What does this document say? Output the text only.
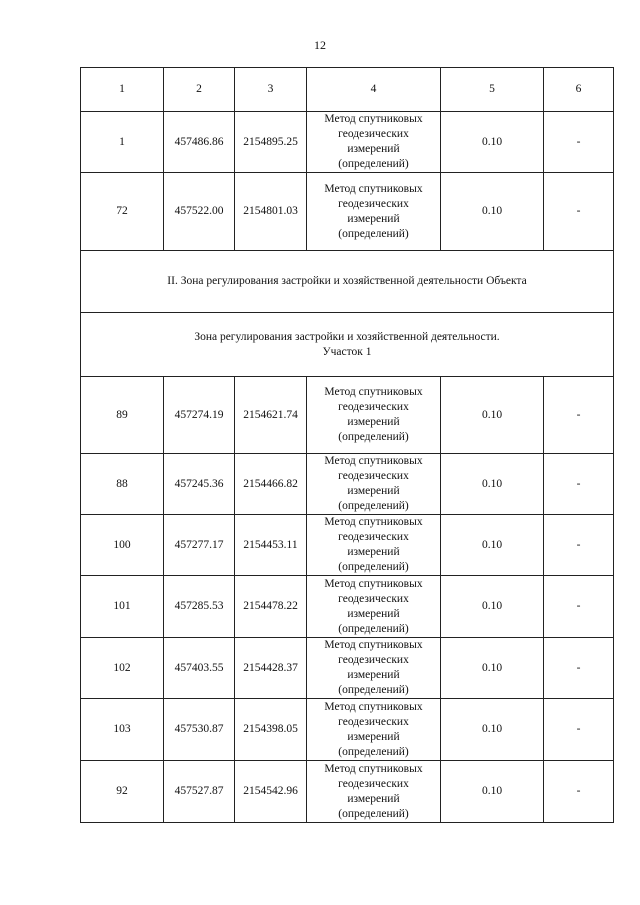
12
1	2	3	4	5	6
1	457486.86	2154895.25	Метод спутниковых
геодезических
измерений
(определений)	0.10	-
72	457522.00	2154801.03	Метод спутниковых
геодезических
измерений
(определений)	0.10	-
II. Зона регулирования застройки и хозяйственной деятельности Объекта					

Зона регулирования застройки и хозяйственной деятельности.
Участок 1					

89	457274.19	2154621.74	Метод спутниковых
геодезических
измерений
(определений)	0.10	-
88	457245.36	2154466.82	Метод спутниковых
геодезических
измерений
(определений)	0.10	-
100	457277.17	2154453.11	Метод спутниковых
геодезических
измерений
(определений)	0.10	-
101	457285.53	2154478.22	Метод спутниковых
геодезических
измерений
(определений)	0.10	-
102	457403.55	2154428.37	Метод спутниковых
геодезических
измерений
(определений)	0.10	-
103	457530.87	2154398.05	Метод спутниковых
геодезических
измерений
(определений)	0.10	-
92	457527.87	2154542.96	Метод спутниковых
геодезических
измерений
(определений)	0.10	-
